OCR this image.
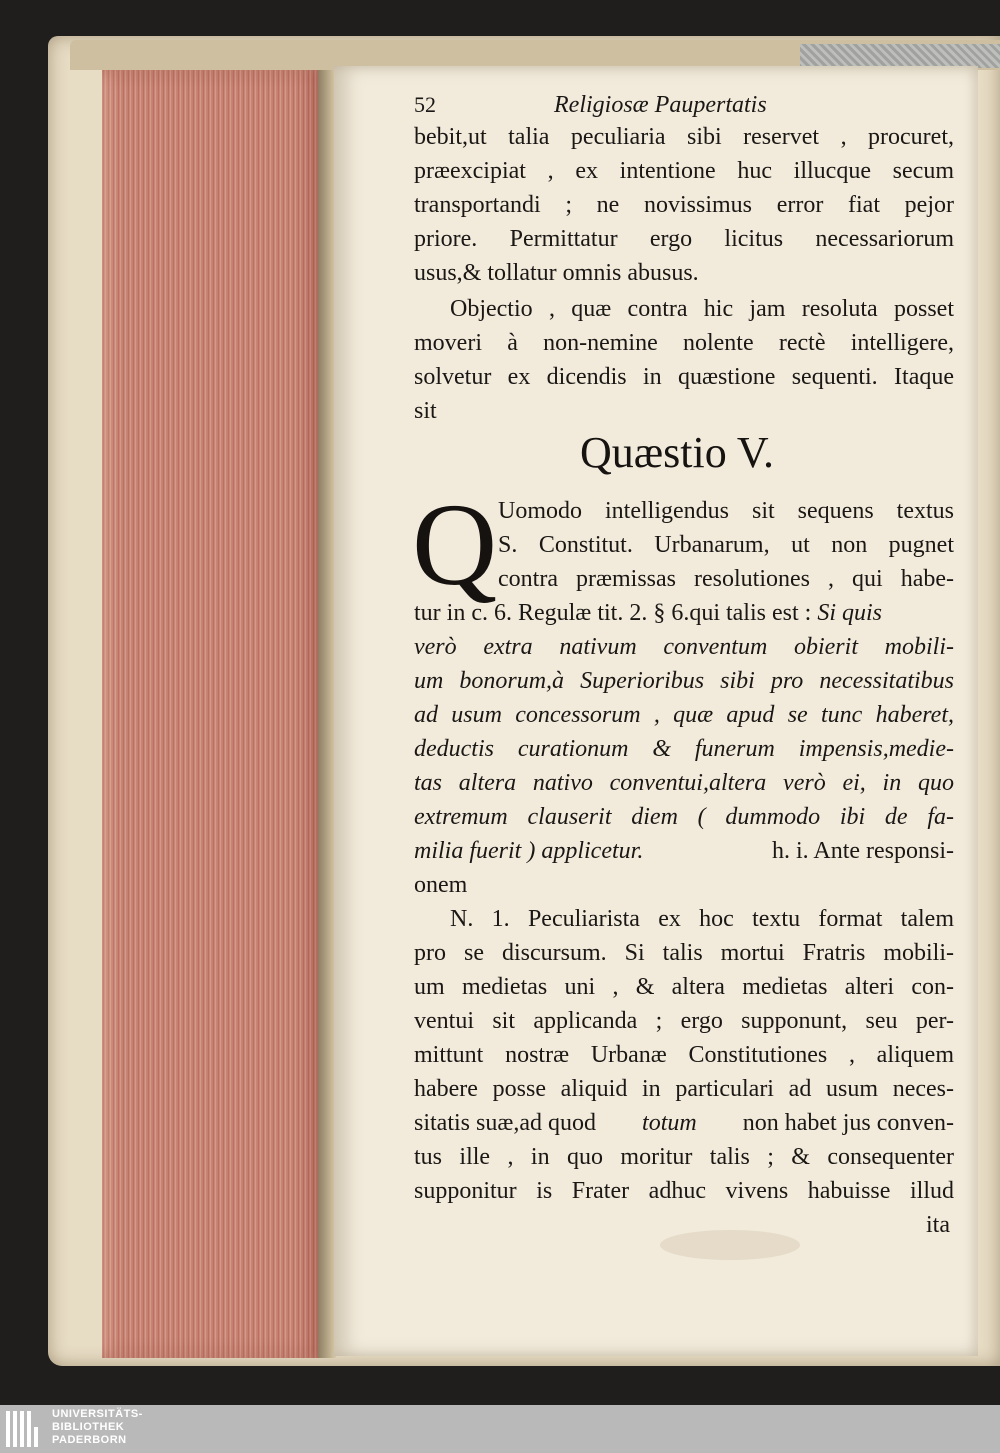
52	Religiosæ Paupertatis
bebit,ut talia peculiaria sibi reservet , procuret,
præexcipiat , ex intentione huc illucque secum
transportandi ; ne novissimus error fiat pejor
priore. Permittatur ergo licitus necessariorum
usus,& tollatur omnis abusus.
Objectio , quæ contra hic jam resoluta posset
moveri à non-nemine nolente rectè intelligere,
solvetur ex dicendis in quæstione sequenti. Itaque
sit
Quæstio V.
Q Uomodo intelligendus sit sequens textus
S. Constitut. Urbanarum, ut non pugnet
contra præmissas resolutiones , qui habe-
tur in c. 6. Regulæ tit. 2. § 6.qui talis est : Si quis
verò extra nativum conventum obierit mobili-
um bonorum,à Superioribus sibi pro necessitatibus
ad usum concessorum , quæ apud se tunc haberet,
deductis curationum & funerum impensis,medie-
tas altera nativo conventui,altera verò ei, in quo
extremum clauserit diem ( dummodo ibi de fa-
milia fuerit ) applicetur.	h. i. Ante responsi-
onem
N. 1. Peculiarista ex hoc textu format talem
pro se discursum. Si talis mortui Fratris mobili-
um medietas uni , & altera medietas alteri con-
ventui sit applicanda ; ergo supponunt, seu per-
mittunt nostræ Urbanæ Constitutiones , aliquem
habere posse aliquid in particulari ad usum neces-
sitatis suæ,ad quod totum non habet jus conven-
tus ille , in quo moritur talis ; & consequenter
supponitur is Frater adhuc vivens habuisse illud
ita
UNIVERSITÄTS-
BIBLIOTHEK
PADERBORN
